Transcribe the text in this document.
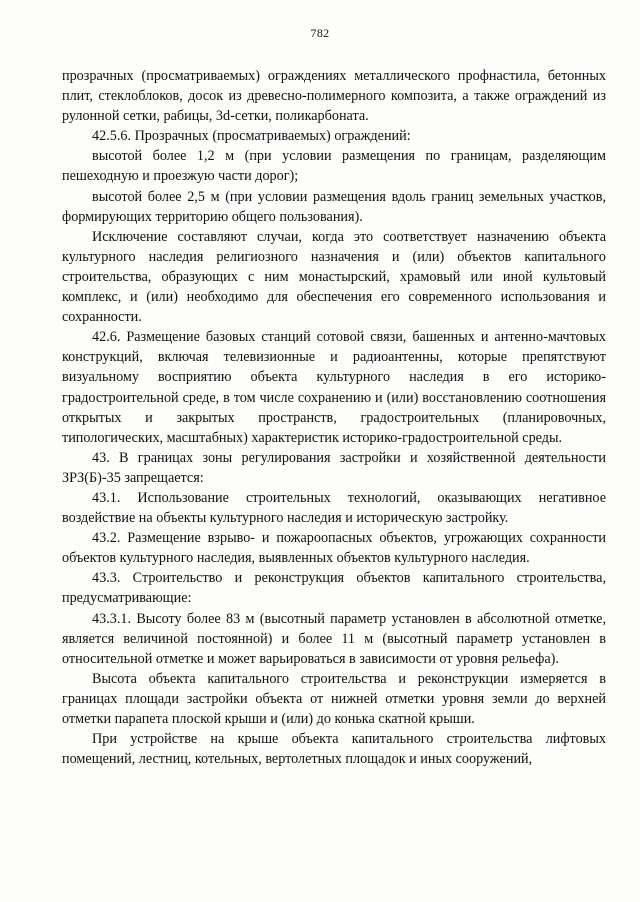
782

прозрачных (просматриваемых) ограждениях металлического профнастила, бетонных плит, стеклоблоков, досок из древесно-полимерного композита, а также ограждений из рулонной сетки, рабицы, 3d-сетки, поликарбоната.

42.5.6. Прозрачных (просматриваемых) ограждений:

высотой более 1,2 м (при условии размещения по границам, разделяющим пешеходную и проезжую части дорог);

высотой более 2,5 м (при условии размещения вдоль границ земельных участков, формирующих территорию общего пользования).

Исключение составляют случаи, когда это соответствует назначению объекта культурного наследия религиозного назначения и (или) объектов капитального строительства, образующих с ним монастырский, храмовый или иной культовый комплекс, и (или) необходимо для обеспечения его современного использования и сохранности.

42.6. Размещение базовых станций сотовой связи, башенных и антенно-мачтовых конструкций, включая телевизионные и радиоантенны, которые препятствуют визуальному восприятию объекта культурного наследия в его историко-градостроительной среде, в том числе сохранению и (или) восстановлению соотношения открытых и закрытых пространств, градостроительных (планировочных, типологических, масштабных) характеристик историко-градостроительной среды.

43. В границах зоны регулирования застройки и хозяйственной деятельности ЗРЗ(Б)-35 запрещается:

43.1. Использование строительных технологий, оказывающих негативное воздействие на объекты культурного наследия и историческую застройку.

43.2. Размещение взрыво- и пожароопасных объектов, угрожающих сохранности объектов культурного наследия, выявленных объектов культурного наследия.

43.3. Строительство и реконструкция объектов капитального строительства, предусматривающие:

43.3.1. Высоту более 83 м (высотный параметр установлен в абсолютной отметке, является величиной постоянной) и более 11 м (высотный параметр установлен в относительной отметке и может варьироваться в зависимости от уровня рельефа).

Высота объекта капитального строительства и реконструкции измеряется в границах площади застройки объекта от нижней отметки уровня земли до верхней отметки парапета плоской крыши и (или) до конька скатной крыши.

При устройстве на крыше объекта капитального строительства лифтовых помещений, лестниц, котельных, вертолетных площадок и иных сооружений,
